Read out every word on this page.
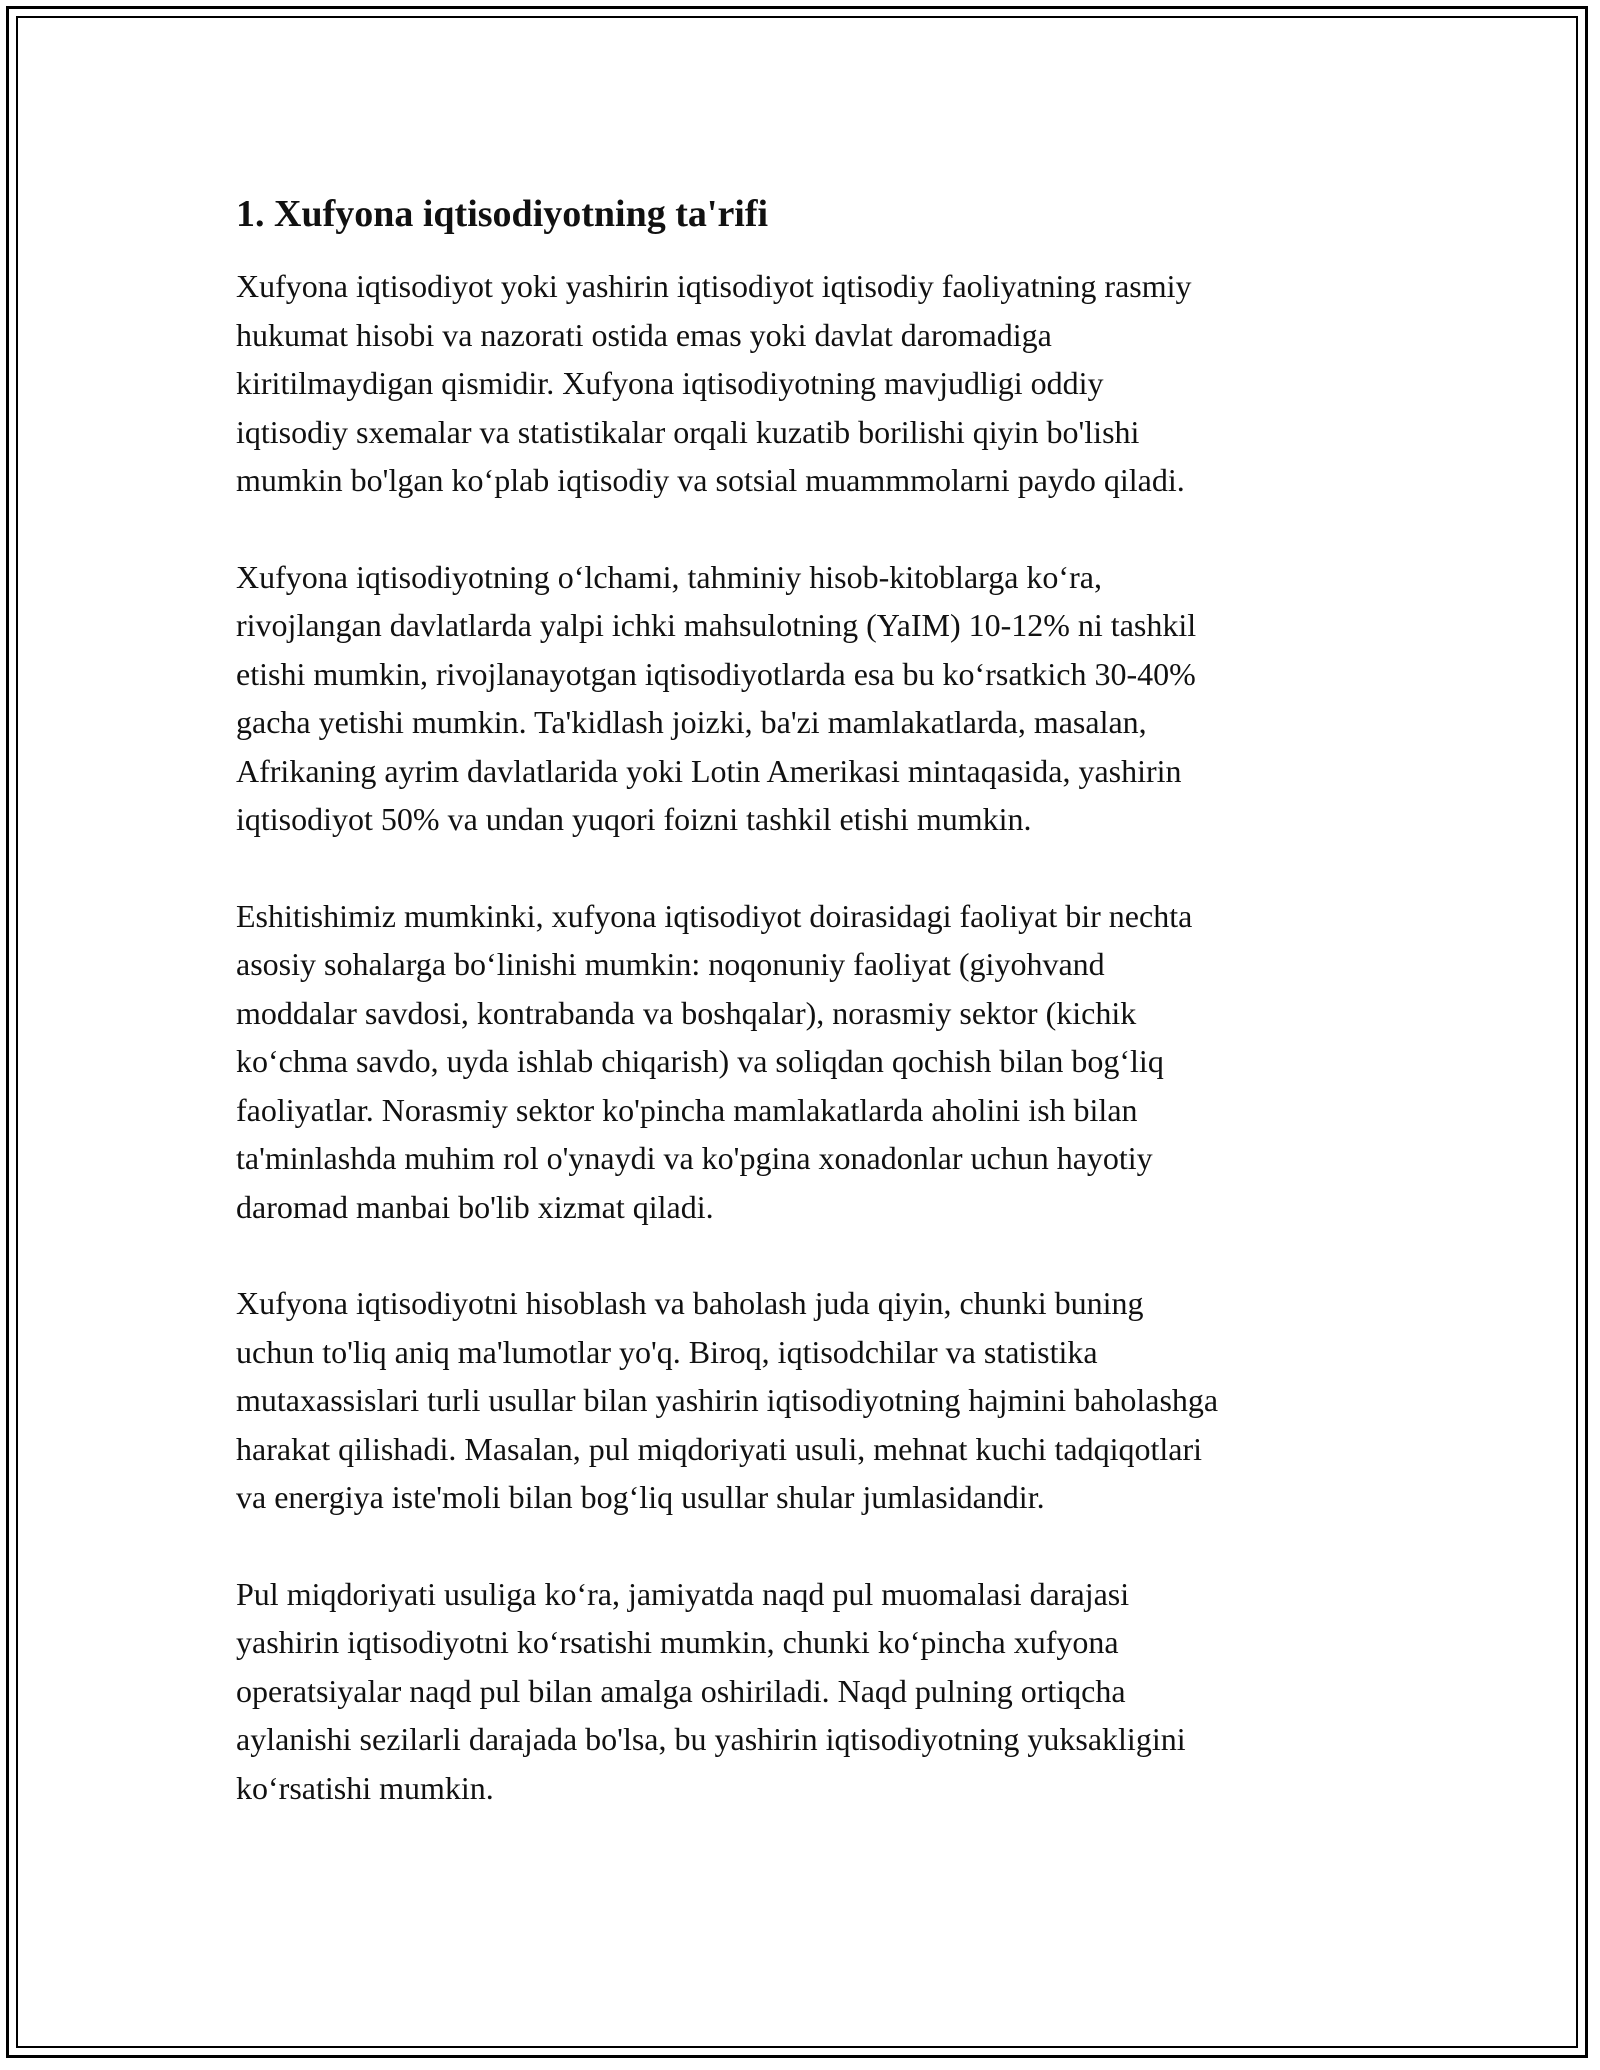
1. Xufyona iqtisodiyotning ta'rifi
Xufyona iqtisodiyot yoki yashirin iqtisodiyot iqtisodiy faoliyatning rasmiy
hukumat hisobi va nazorati ostida emas yoki davlat daromadiga
kiritilmaydigan qismidir. Xufyona iqtisodiyotning mavjudligi oddiy
iqtisodiy sxemalar va statistikalar orqali kuzatib borilishi qiyin bo'lishi
mumkin bo'lgan koʻplab iqtisodiy va sotsial muammmolarni paydo qiladi.
Xufyona iqtisodiyotning oʻlchami, tahminiy hisob-kitoblarga koʻra,
rivojlangan davlatlarda yalpi ichki mahsulotning (YaIM) 10-12% ni tashkil
etishi mumkin, rivojlanayotgan iqtisodiyotlarda esa bu koʻrsatkich 30-40%
gacha yetishi mumkin. Ta'kidlash joizki, ba'zi mamlakatlarda, masalan,
Afrikaning ayrim davlatlarida yoki Lotin Amerikasi mintaqasida, yashirin
iqtisodiyot 50% va undan yuqori foizni tashkil etishi mumkin.
Eshitishimiz mumkinki, xufyona iqtisodiyot doirasidagi faoliyat bir nechta
asosiy sohalarga boʻlinishi mumkin: noqonuniy faoliyat (giyohvand
moddalar savdosi, kontrabanda va boshqalar), norasmiy sektor (kichik
koʻchma savdo, uyda ishlab chiqarish) va soliqdan qochish bilan bogʻliq
faoliyatlar. Norasmiy sektor ko'pincha mamlakatlarda aholini ish bilan
ta'minlashda muhim rol o'ynaydi va ko'pgina xonadonlar uchun hayotiy
daromad manbai bo'lib xizmat qiladi.
Xufyona iqtisodiyotni hisoblash va baholash juda qiyin, chunki buning
uchun to'liq aniq ma'lumotlar yo'q. Biroq, iqtisodchilar va statistika
mutaxassislari turli usullar bilan yashirin iqtisodiyotning hajmini baholashga
harakat qilishadi. Masalan, pul miqdoriyati usuli, mehnat kuchi tadqiqotlari
va energiya iste'moli bilan bogʻliq usullar shular jumlasidandir.
Pul miqdoriyati usuliga koʻra, jamiyatda naqd pul muomalasi darajasi
yashirin iqtisodiyotni koʻrsatishi mumkin, chunki koʻpincha xufyona
operatsiyalar naqd pul bilan amalga oshiriladi. Naqd pulning ortiqcha
aylanishi sezilarli darajada bo'lsa, bu yashirin iqtisodiyotning yuksakligini
koʻrsatishi mumkin.
